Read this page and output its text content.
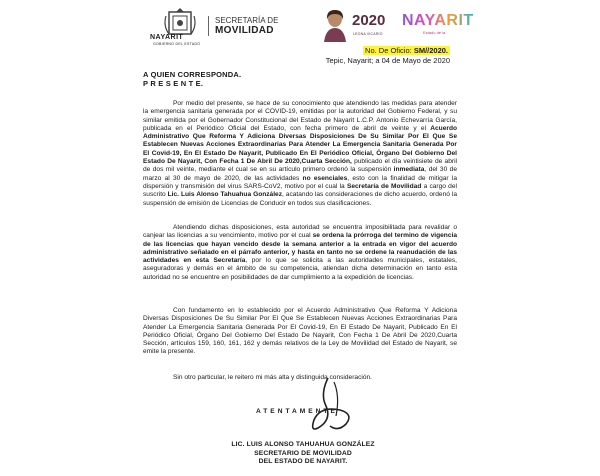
NAYARIT
GOBIERNO DEL ESTADO
SECRETARÍA DE
MOVILIDAD
2020
LEONA VICARIO
NAYARIT
Estado de la
No. De Oficio: SM//2020.
Tepic, Nayarit; a 04 de Mayo de 2020
A QUIEN CORRESPONDA.
P R E S E N T E.
Por medio del presente, se hace de su conocimiento que atendiendo las medidas para atender la emergencia sanitaria generada por el COVID-19, emitidas por la autoridad del Gobierno Federal, y su similar emitida por el Gobernador Constitucional del Estado de Nayarit L.C.P. Antonio Echevarría García, publicada en el Periódico Oficial del Estado, con fecha primero de abril de veinte y el Acuerdo Administrativo Que Reforma Y Adiciona Diversas Disposiciones De Su Similar Por El Que Se Establecen Nuevas Acciones Extraordinarias Para Atender La Emergencia Sanitaria Generada Por El Covid-19, En El Estado De Nayarit, Publicado En El Periódico Oficial, Órgano Del Gobierno Del Estado De Nayarit, Con Fecha 1 De Abril De 2020,Cuarta Sección, publicado el día veintisiete de abril de dos mil veinte, mediante el cual se en su artículo primero ordenó la suspensión inmediata, del 30 de marzo al 30 de mayo de 2020, de las actividades no esenciales, esto con la finalidad de mitigar la dispersión y transmisión del virus SARS-CoV2, motivo por el cual la Secretaría de Movilidad a cargo del suscrito Lic. Luis Alonso Tahuahua González, acatando las consideraciones de dicho acuerdo, ordenó la suspensión de emisión de Licencias de Conducir en todos sus clasificaciones.
Atendiendo dichas disposiciones, esta autoridad se encuentra imposibilitada para revalidar o canjear las licencias a su vencimiento, motivo por el cual se ordena la prórroga del termino de vigencia de las licencias que hayan vencido desde la semana anterior a la entrada en vigor del acuerdo administrativo señalado en el párrafo anterior, y hasta en tanto no se ordene la reanudación de las actividades en esta Secretaría, por lo que se solicita a las autoridades municipales, estatales, aseguradoras y demás en el ámbito de su competencia, atiendan dicha determinación en tanto esta autoridad no se encuentre en posibilidades de dar cumplimiento a la expedición de licencias.
Con fundamento en lo establecido por el Acuerdo Administrativo Que Reforma Y Adiciona Diversas Disposiciones De Su Similar Por El Que Se Establecen Nuevas Acciones Extraordinarias Para Atender La Emergencia Sanitaria Generada Por El Covid-19, En El Estado De Nayarit, Publicado En El Periódico Oficial, Órgano Del Gobierno Del Estado De Nayarit, Con Fecha 1 De Abril De 2020,Cuarta Sección, artículos 159, 160, 161, 162 y demás relativos de la Ley de Movilidad del Estado de Nayarit, se emite la presente.
Sin otro particular, le reitero mi más alta y distinguida consideración.
ATENTAMENTE
LIC. LUIS ALONSO TAHUAHUA GONZÁLEZ
SECRETARIO DE MOVILIDAD
DEL ESTADO DE NAYARIT.
